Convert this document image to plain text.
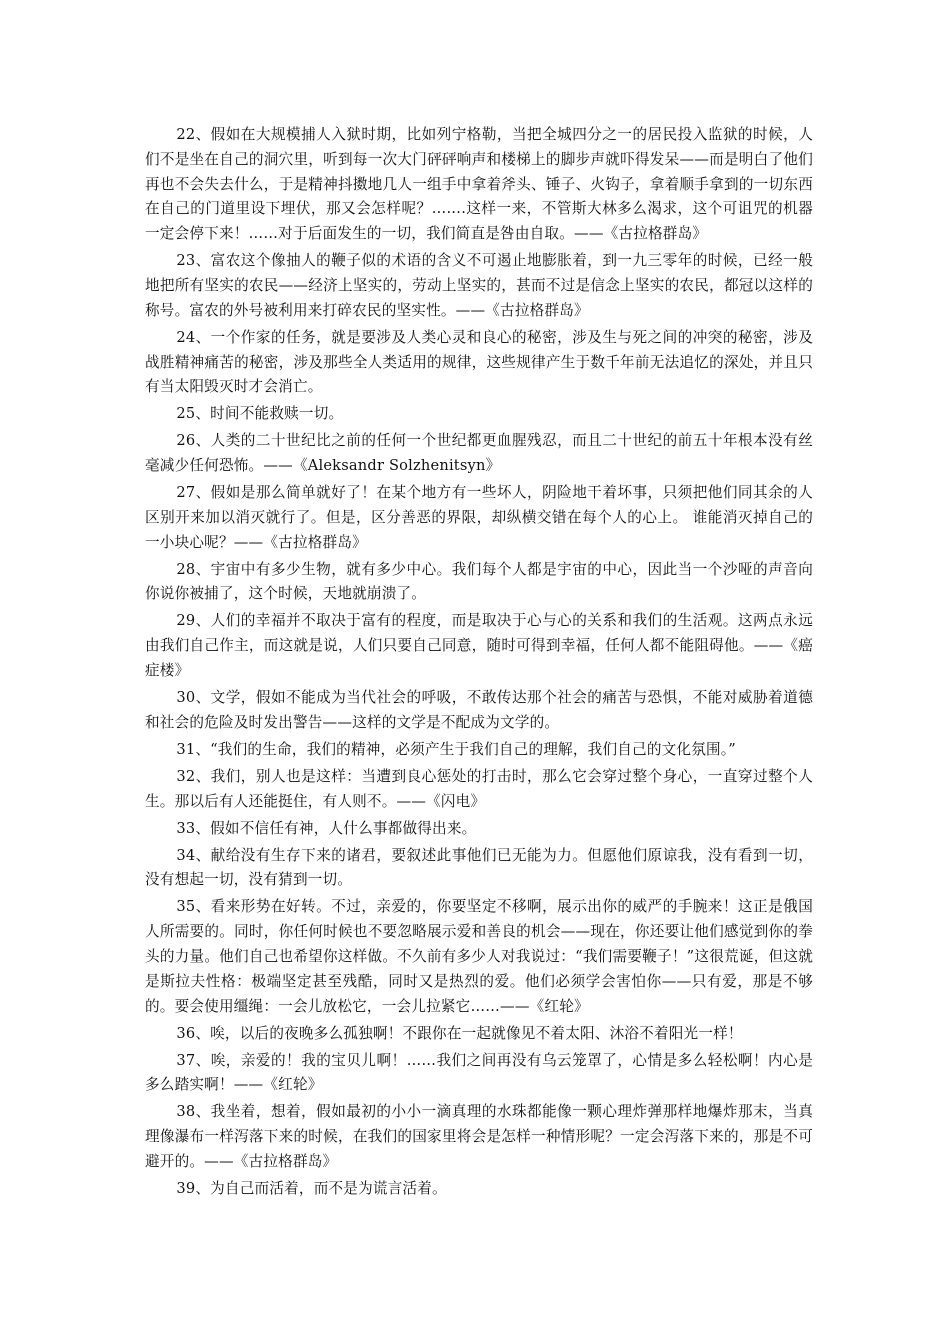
22、假如在大规模捕人入狱时期，比如列宁格勒，当把全城四分之一的居民投入监狱的时候，人们不是坐在自己的洞穴里，听到每一次大门砰砰响声和楼梯上的脚步声就吓得发呆——而是明白了他们再也不会失去什么，于是精神抖擞地几人一组手中拿着斧头、锤子、火钩子，拿着顺手拿到的一切东西在自己的门道里设下埋伏，那又会怎样呢？…….这样一来，不管斯大林多么渴求，这个可诅咒的机器一定会停下来！……对于后面发生的一切，我们简直是咎由自取。——《古拉格群岛》

23、富农这个像抽人的鞭子似的术语的含义不可遏止地膨胀着，到一九三零年的时候，已经一般地把所有坚实的农民——经济上坚实的，劳动上坚实的，甚而不过是信念上坚实的农民，都冠以这样的称号。富农的外号被利用来打碎农民的坚实性。——《古拉格群岛》

24、一个作家的任务，就是要涉及人类心灵和良心的秘密，涉及生与死之间的冲突的秘密，涉及战胜精神痛苦的秘密，涉及那些全人类适用的规律，这些规律产生于数千年前无法追忆的深处，并且只有当太阳毁灭时才会消亡。

25、时间不能救赎一切。

26、人类的二十世纪比之前的任何一个世纪都更血腥残忍，而且二十世纪的前五十年根本没有丝毫减少任何恐怖。——《Aleksandr Solzhenitsyn》

27、假如是那么简单就好了！在某个地方有一些坏人，阴险地干着坏事，只须把他们同其余的人区别开来加以消灭就行了。但是，区分善恶的界限，却纵横交错在每个人的心上。 谁能消灭掉自己的一小块心呢？——《古拉格群岛》

28、宇宙中有多少生物，就有多少中心。我们每个人都是宇宙的中心，因此当一个沙哑的声音向你说你被捕了，这个时候，天地就崩溃了。

29、人们的幸福并不取决于富有的程度，而是取决于心与心的关系和我们的生活观。这两点永远由我们自己作主，而这就是说，人们只要自己同意，随时可得到幸福，任何人都不能阻碍他。——《癌症楼》

30、文学，假如不能成为当代社会的呼吸，不敢传达那个社会的痛苦与恐惧，不能对威胁着道德和社会的危险及时发出警告——这样的文学是不配成为文学的。

31、“我们的生命，我们的精神，必须产生于我们自己的理解，我们自己的文化氛围。”

32、我们，别人也是这样：当遭到良心惩处的打击时，那么它会穿过整个身心，一直穿过整个人生。那以后有人还能挺住，有人则不。——《闪电》

33、假如不信任有神，人什么事都做得出来。

34、献给没有生存下来的诸君，要叙述此事他们已无能为力。但愿他们原谅我，没有看到一切，没有想起一切，没有猜到一切。

35、看来形势在好转。不过，亲爱的，你要坚定不移啊，展示出你的威严的手腕来！这正是俄国人所需要的。同时，你任何时候也不要忽略展示爱和善良的机会——现在，你还要让他们感觉到你的拳头的力量。他们自己也希望你这样做。不久前有多少人对我说过：“我们需要鞭子！”这很荒诞，但这就是斯拉夫性格：极端坚定甚至残酷，同时又是热烈的爱。他们必须学会害怕你——只有爱，那是不够的。要会使用缰绳：一会儿放松它，一会儿拉紧它……——《红轮》

36、唉，以后的夜晚多么孤独啊！不跟你在一起就像见不着太阳、沐浴不着阳光一样！

37、唉，亲爱的！我的宝贝儿啊！……我们之间再没有乌云笼罩了，心情是多么轻松啊！内心是多么踏实啊！——《红轮》

38、我坐着，想着，假如最初的小小一滴真理的水珠都能像一颗心理炸弹那样地爆炸那末，当真理像瀑布一样泻落下来的时候，在我们的国家里将会是怎样一种情形呢？一定会泻落下来的，那是不可避开的。——《古拉格群岛》

39、为自己而活着，而不是为谎言活着。
